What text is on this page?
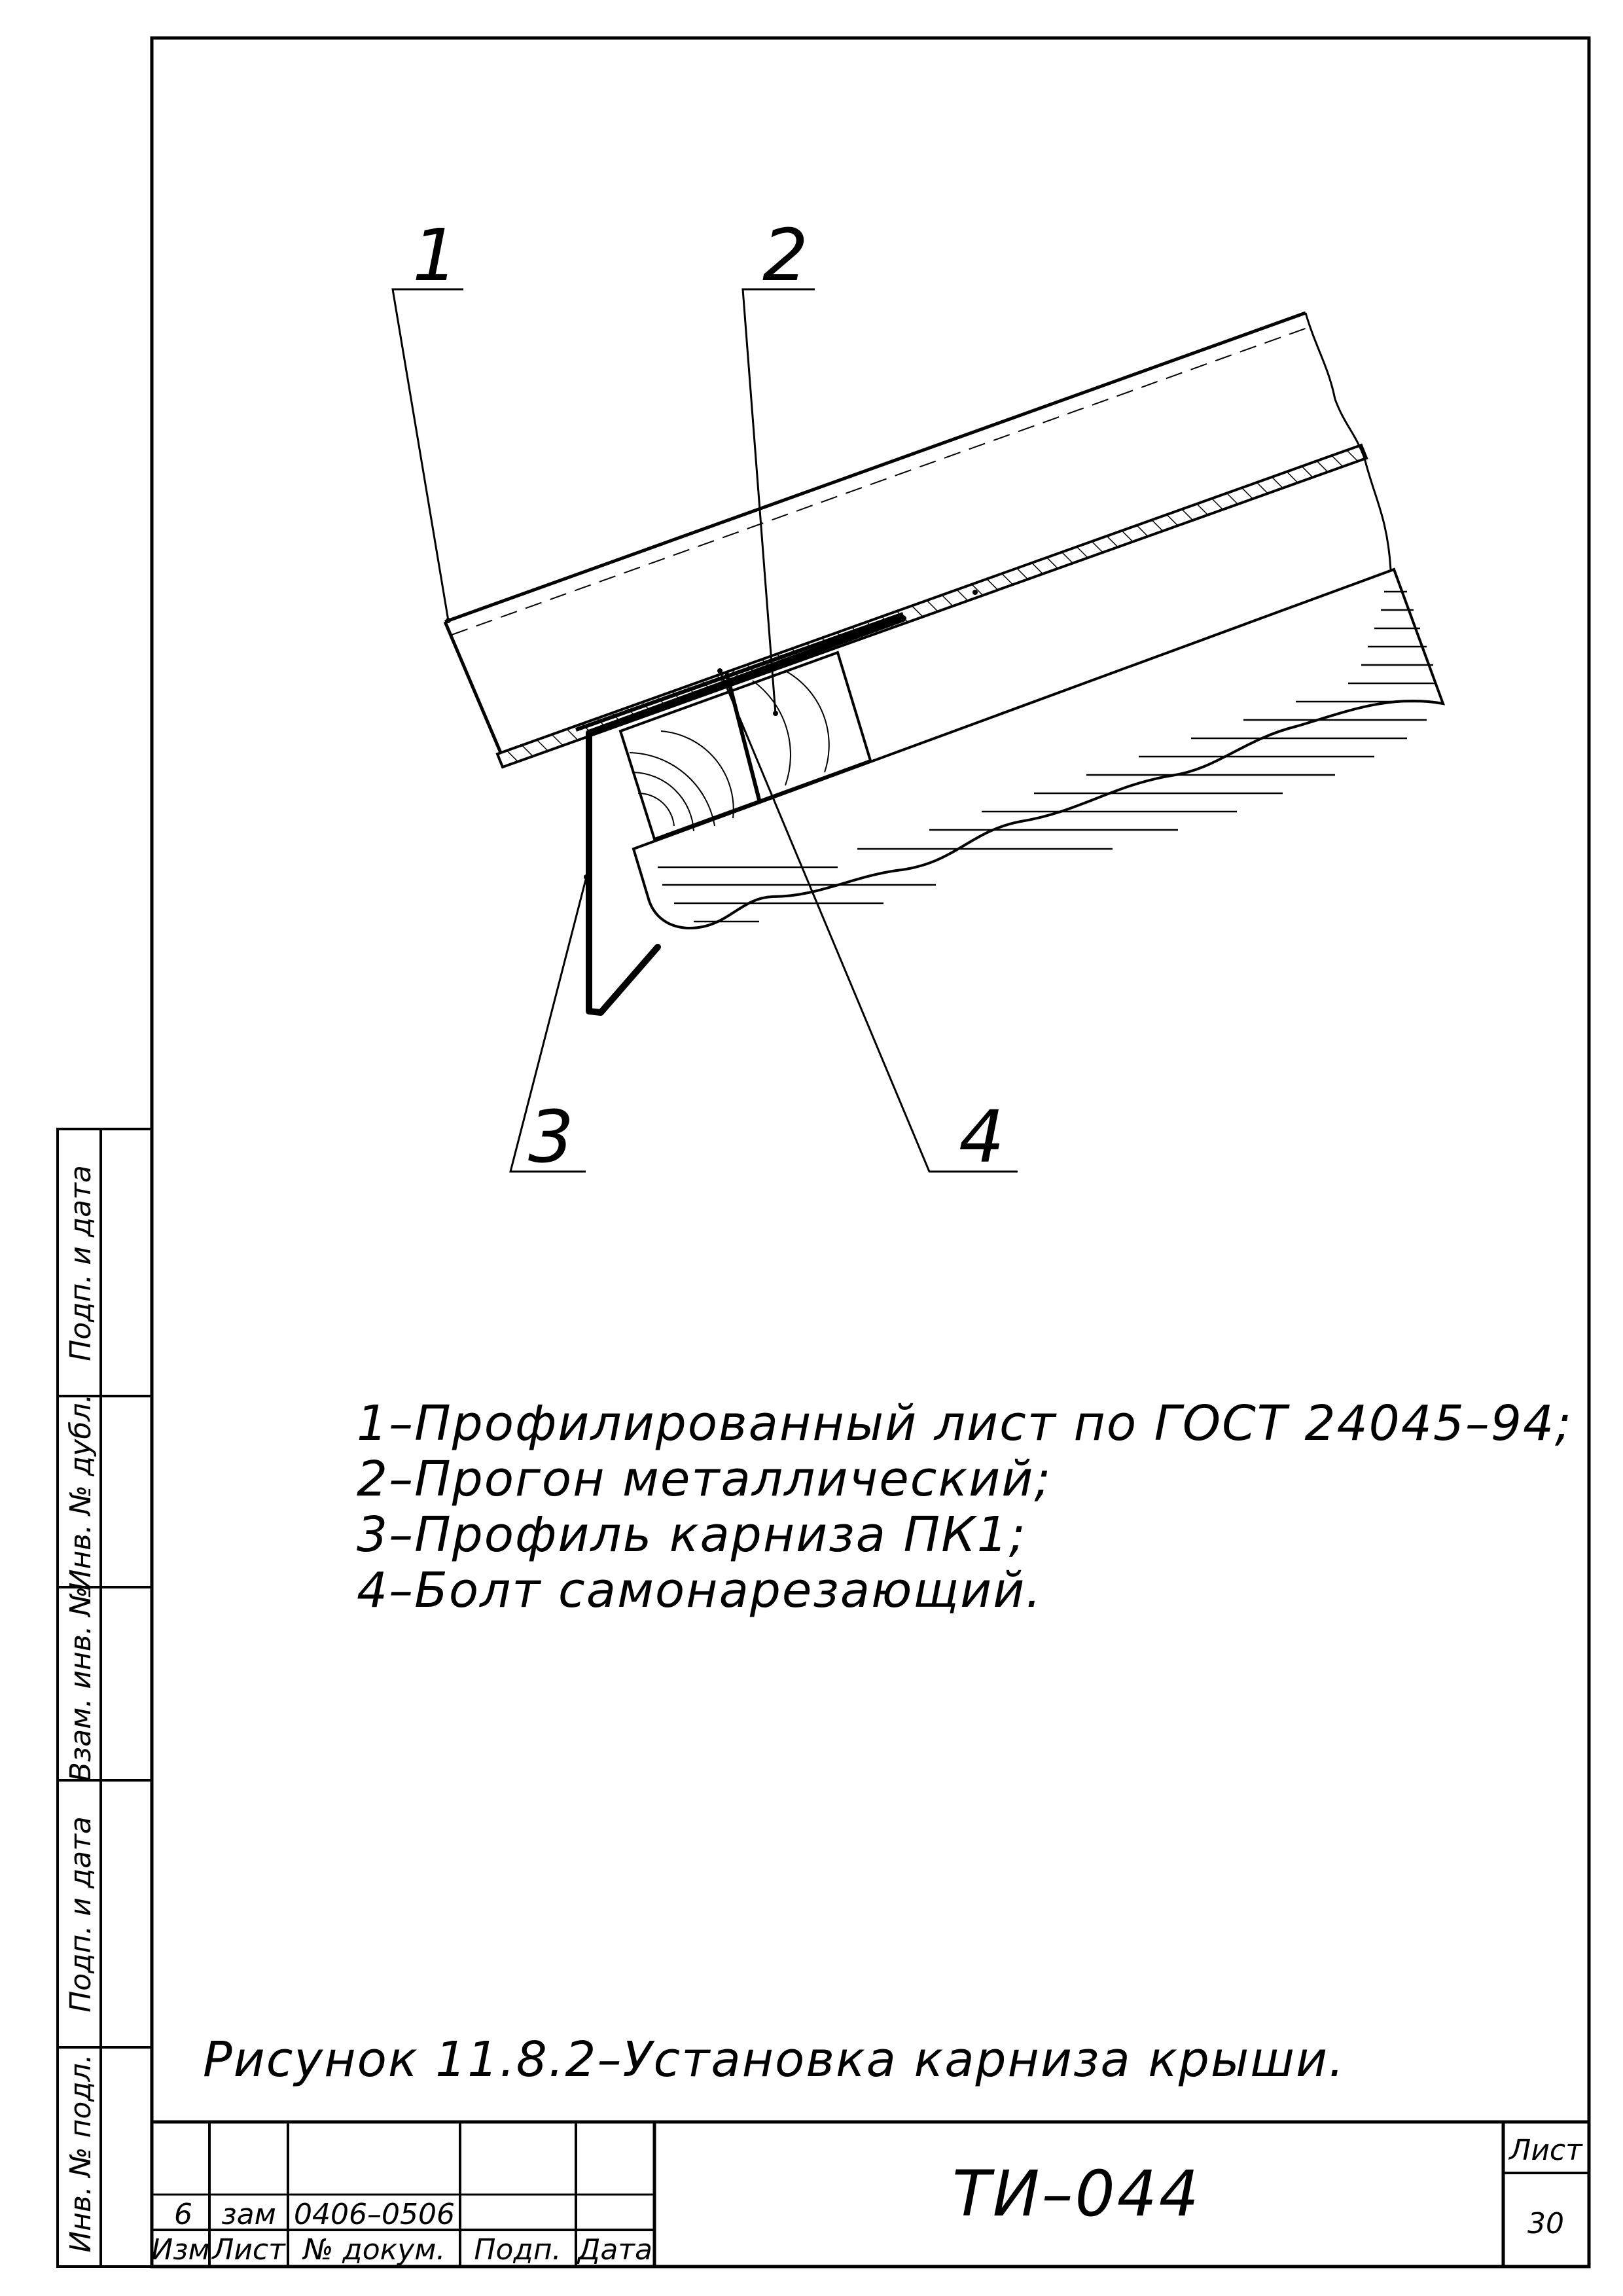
Инв. № подл.
Подп. и дата
Взам. инв. №
Инв. № дубл.
Подп. и дата
6 зам 0406–0506
Изм Лист № докум. Подп. Дата
ТИ–044
Лист
30
1	2
3	4
1–Профилированный лист по ГОСТ 24045–94;
2–Прогон металлический;
3–Профиль карниза ПК1;
4–Болт самонарезающий.
Рисунок 11.8.2–Установка карниза крыши.
